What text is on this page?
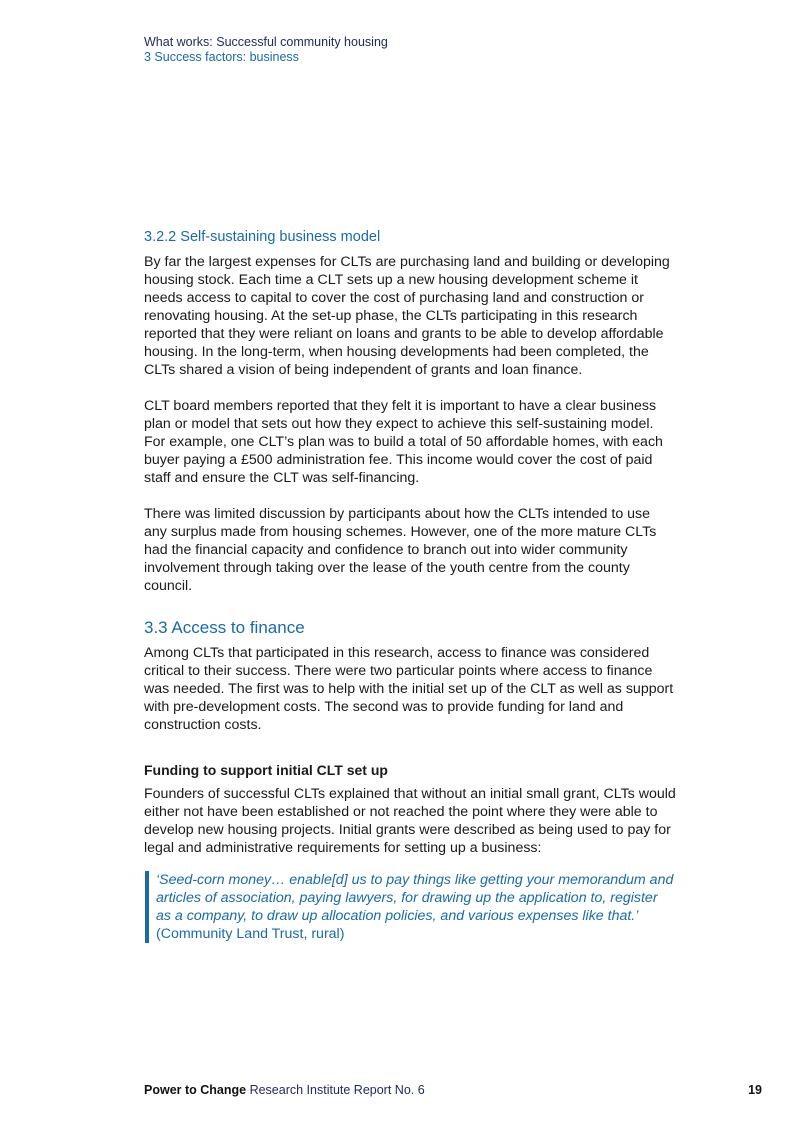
What works: Successful community housing
3 Success factors: business
3.2.2 Self-sustaining business model

By far the largest expenses for CLTs are purchasing land and building or developing housing stock. Each time a CLT sets up a new housing development scheme it needs access to capital to cover the cost of purchasing land and construction or renovating housing. At the set-up phase, the CLTs participating in this research reported that they were reliant on loans and grants to be able to develop affordable housing. In the long-term, when housing developments had been completed, the CLTs shared a vision of being independent of grants and loan finance.

CLT board members reported that they felt it is important to have a clear business plan or model that sets out how they expect to achieve this self-sustaining model. For example, one CLT’s plan was to build a total of 50 affordable homes, with each buyer paying a £500 administration fee. This income would cover the cost of paid staff and ensure the CLT was self-financing.

There was limited discussion by participants about how the CLTs intended to use any surplus made from housing schemes. However, one of the more mature CLTs had the financial capacity and confidence to branch out into wider community involvement through taking over the lease of the youth centre from the county council.

3.3 Access to finance

Among CLTs that participated in this research, access to finance was considered critical to their success. There were two particular points where access to finance was needed. The first was to help with the initial set up of the CLT as well as support with pre-development costs. The second was to provide funding for land and construction costs.

Funding to support initial CLT set up

Founders of successful CLTs explained that without an initial small grant, CLTs would either not have been established or not reached the point where they were able to develop new housing projects. Initial grants were described as being used to pay for legal and administrative requirements for setting up a business:

‘Seed-corn money… enable[d] us to pay things like getting your memorandum and articles of association, paying lawyers, for drawing up the application to, register as a company, to draw up allocation policies, and various expenses like that.’ (Community Land Trust, rural)

Power to Change Research Institute Report No. 6	19
